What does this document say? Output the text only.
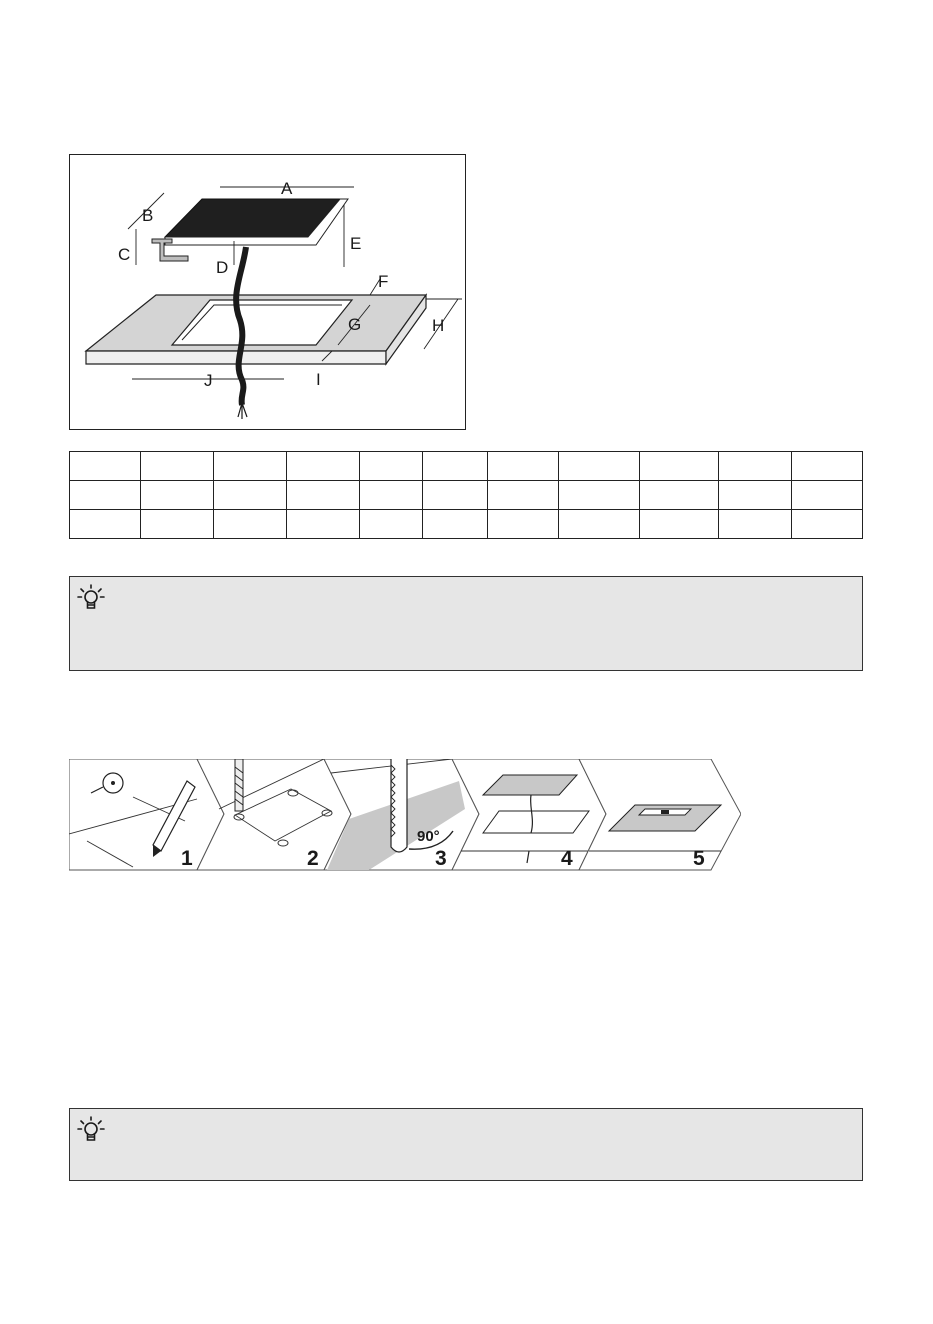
A
B
C
D
E
F
G	H
I
J

1	2
90°
3	4	5
